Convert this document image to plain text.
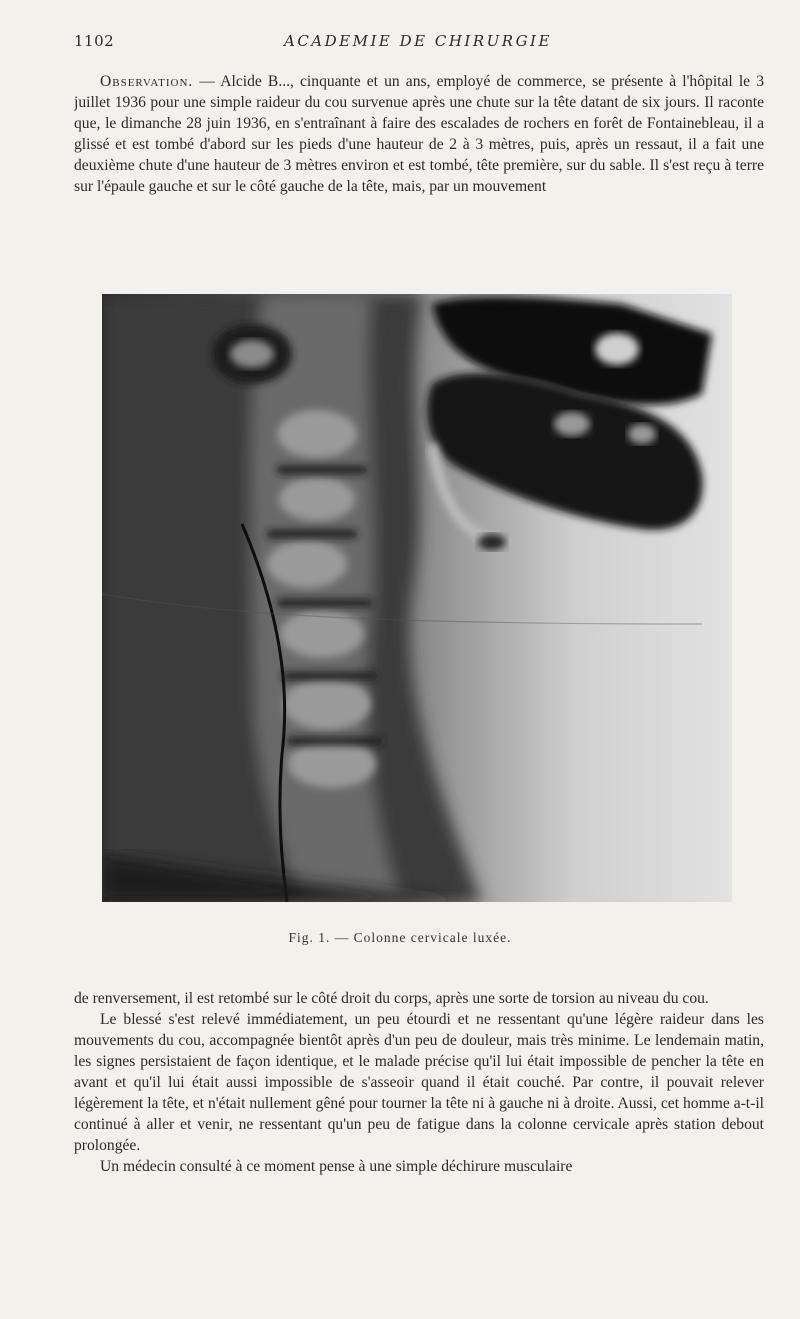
1102	ACADEMIE DE CHIRURGIE

Observation. — Alcide B..., cinquante et un ans, employé de commerce, se présente à l'hôpital le 3 juillet 1936 pour une simple raideur du cou survenue après une chute sur la tête datant de six jours. Il raconte que, le dimanche 28 juin 1936, en s'entraînant à faire des escalades de rochers en forêt de Fontainebleau, il a glissé et est tombé d'abord sur les pieds d'une hauteur de 2 à 3 mètres, puis, après un ressaut, il a fait une deuxième chute d'une hauteur de 3 mètres environ et est tombé, tête première, sur du sable. Il s'est reçu à terre sur l'épaule gauche et sur le côté gauche de la tête, mais, par un mouvement

Fig. 1. — Colonne cervicale luxée.

de renversement, il est retombé sur le côté droit du corps, après une sorte de torsion au niveau du cou.

Le blessé s'est relevé immédiatement, un peu étourdi et ne ressentant qu'une légère raideur dans les mouvements du cou, accompagnée bientôt après d'un peu de douleur, mais très minime. Le lendemain matin, les signes persistaient de façon identique, et le malade précise qu'il lui était impossible de pencher la tête en avant et qu'il lui était aussi impossible de s'asseoir quand il était couché. Par contre, il pouvait relever légèrement la tête, et n'était nullement gêné pour tourner la tête ni à gauche ni à droite. Aussi, cet homme a-t-il continué à aller et venir, ne ressentant qu'un peu de fatigue dans la colonne cervicale après station debout prolongée.

Un médecin consulté à ce moment pense à une simple déchirure musculaire
